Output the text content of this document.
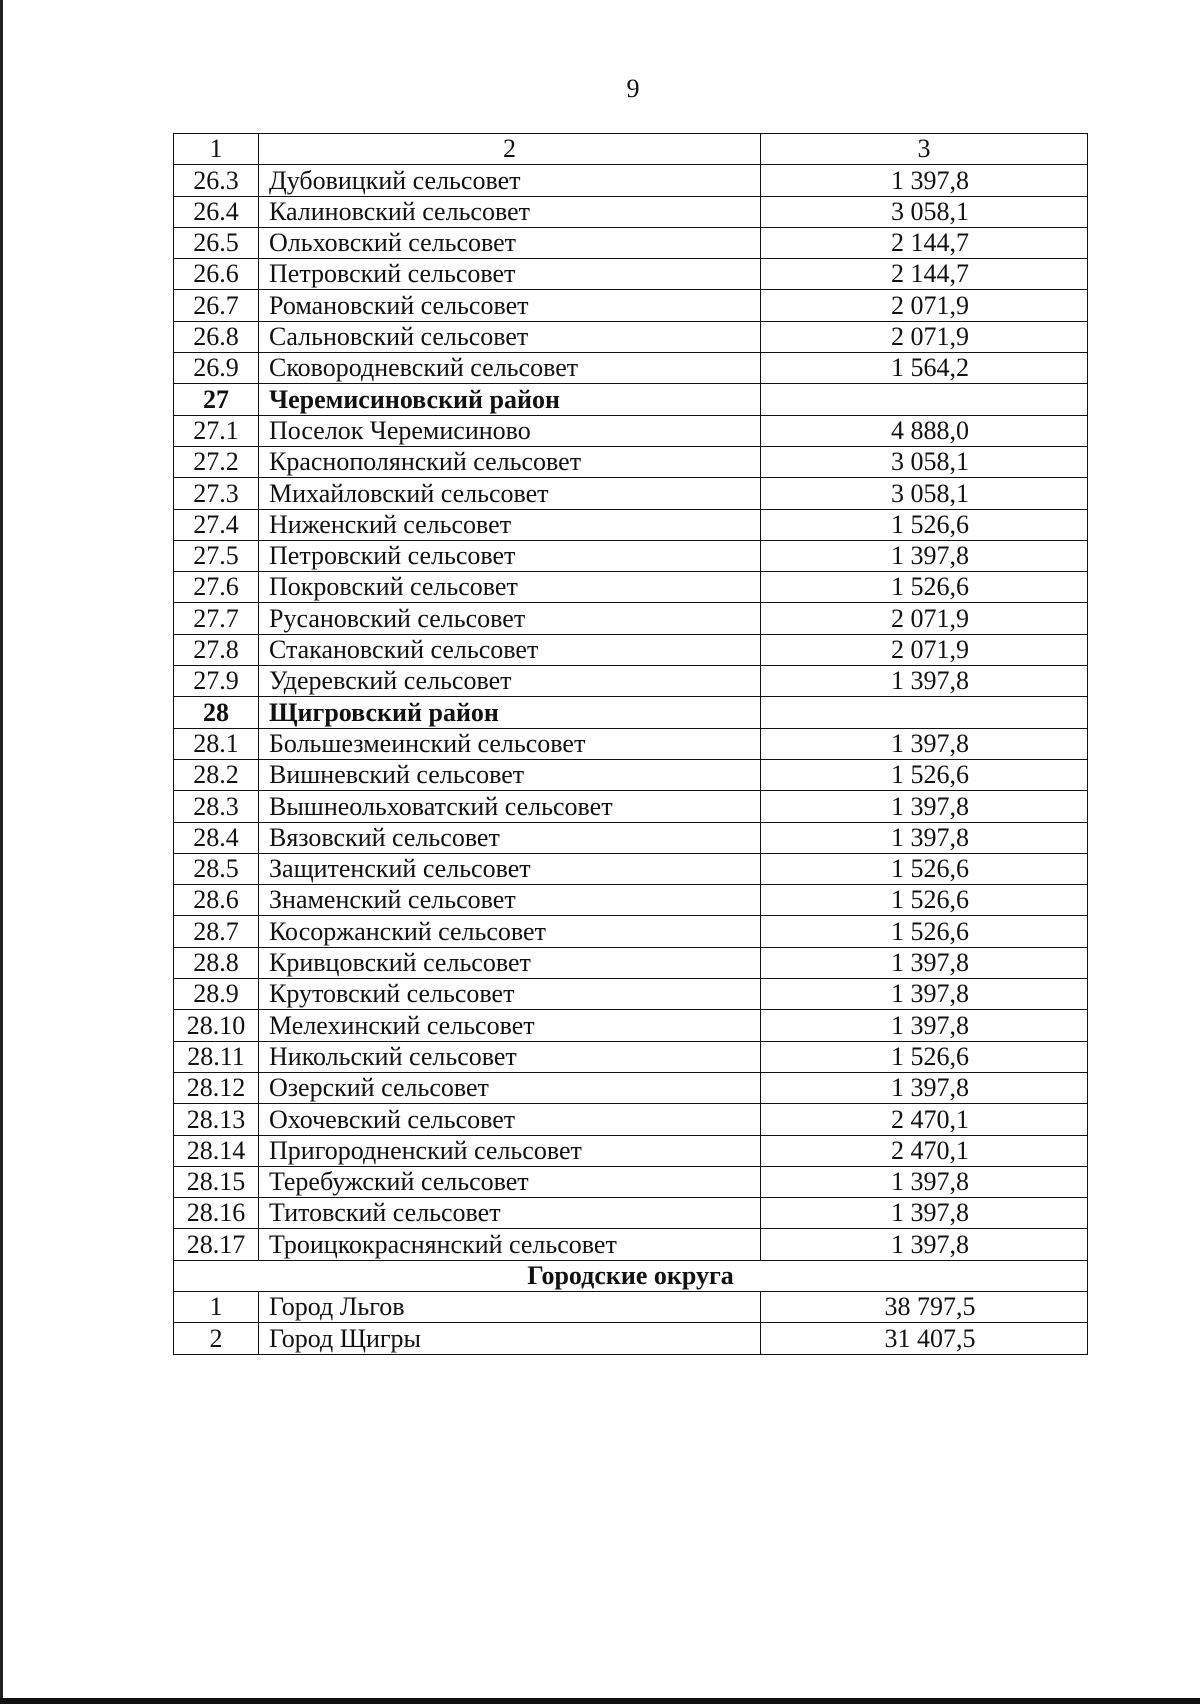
9
1	2	3
26.3	Дубовицкий сельсовет	1 397,8
26.4	Калиновский сельсовет	3 058,1
26.5	Ольховский сельсовет	2 144,7
26.6	Петровский сельсовет	2 144,7
26.7	Романовский сельсовет	2 071,9
26.8	Сальновский сельсовет	2 071,9
26.9	Сковородневский сельсовет	1 564,2
27	Черемисиновский район	
27.1	Поселок Черемисиново	4 888,0
27.2	Краснополянский сельсовет	3 058,1
27.3	Михайловский сельсовет	3 058,1
27.4	Ниженский сельсовет	1 526,6
27.5	Петровский сельсовет	1 397,8
27.6	Покровский сельсовет	1 526,6
27.7	Русановский сельсовет	2 071,9
27.8	Стакановский сельсовет	2 071,9
27.9	Удеревский сельсовет	1 397,8
28	Щигровский район	
28.1	Большезмеинский сельсовет	1 397,8
28.2	Вишневский сельсовет	1 526,6
28.3	Вышнеольховатский сельсовет	1 397,8
28.4	Вязовский сельсовет	1 397,8
28.5	Защитенский сельсовет	1 526,6
28.6	Знаменский сельсовет	1 526,6
28.7	Косоржанский сельсовет	1 526,6
28.8	Кривцовский сельсовет	1 397,8
28.9	Крутовский сельсовет	1 397,8
28.10	Мелехинский сельсовет	1 397,8
28.11	Никольский сельсовет	1 526,6
28.12	Озерский сельсовет	1 397,8
28.13	Охочевский сельсовет	2 470,1
28.14	Пригородненский сельсовет	2 470,1
28.15	Теребужский сельсовет	1 397,8
28.16	Титовский сельсовет	1 397,8
28.17	Троицкокраснянский сельсовет	1 397,8
Городские округа		
1	Город Льгов	38 797,5
2	Город Щигры	31 407,5
